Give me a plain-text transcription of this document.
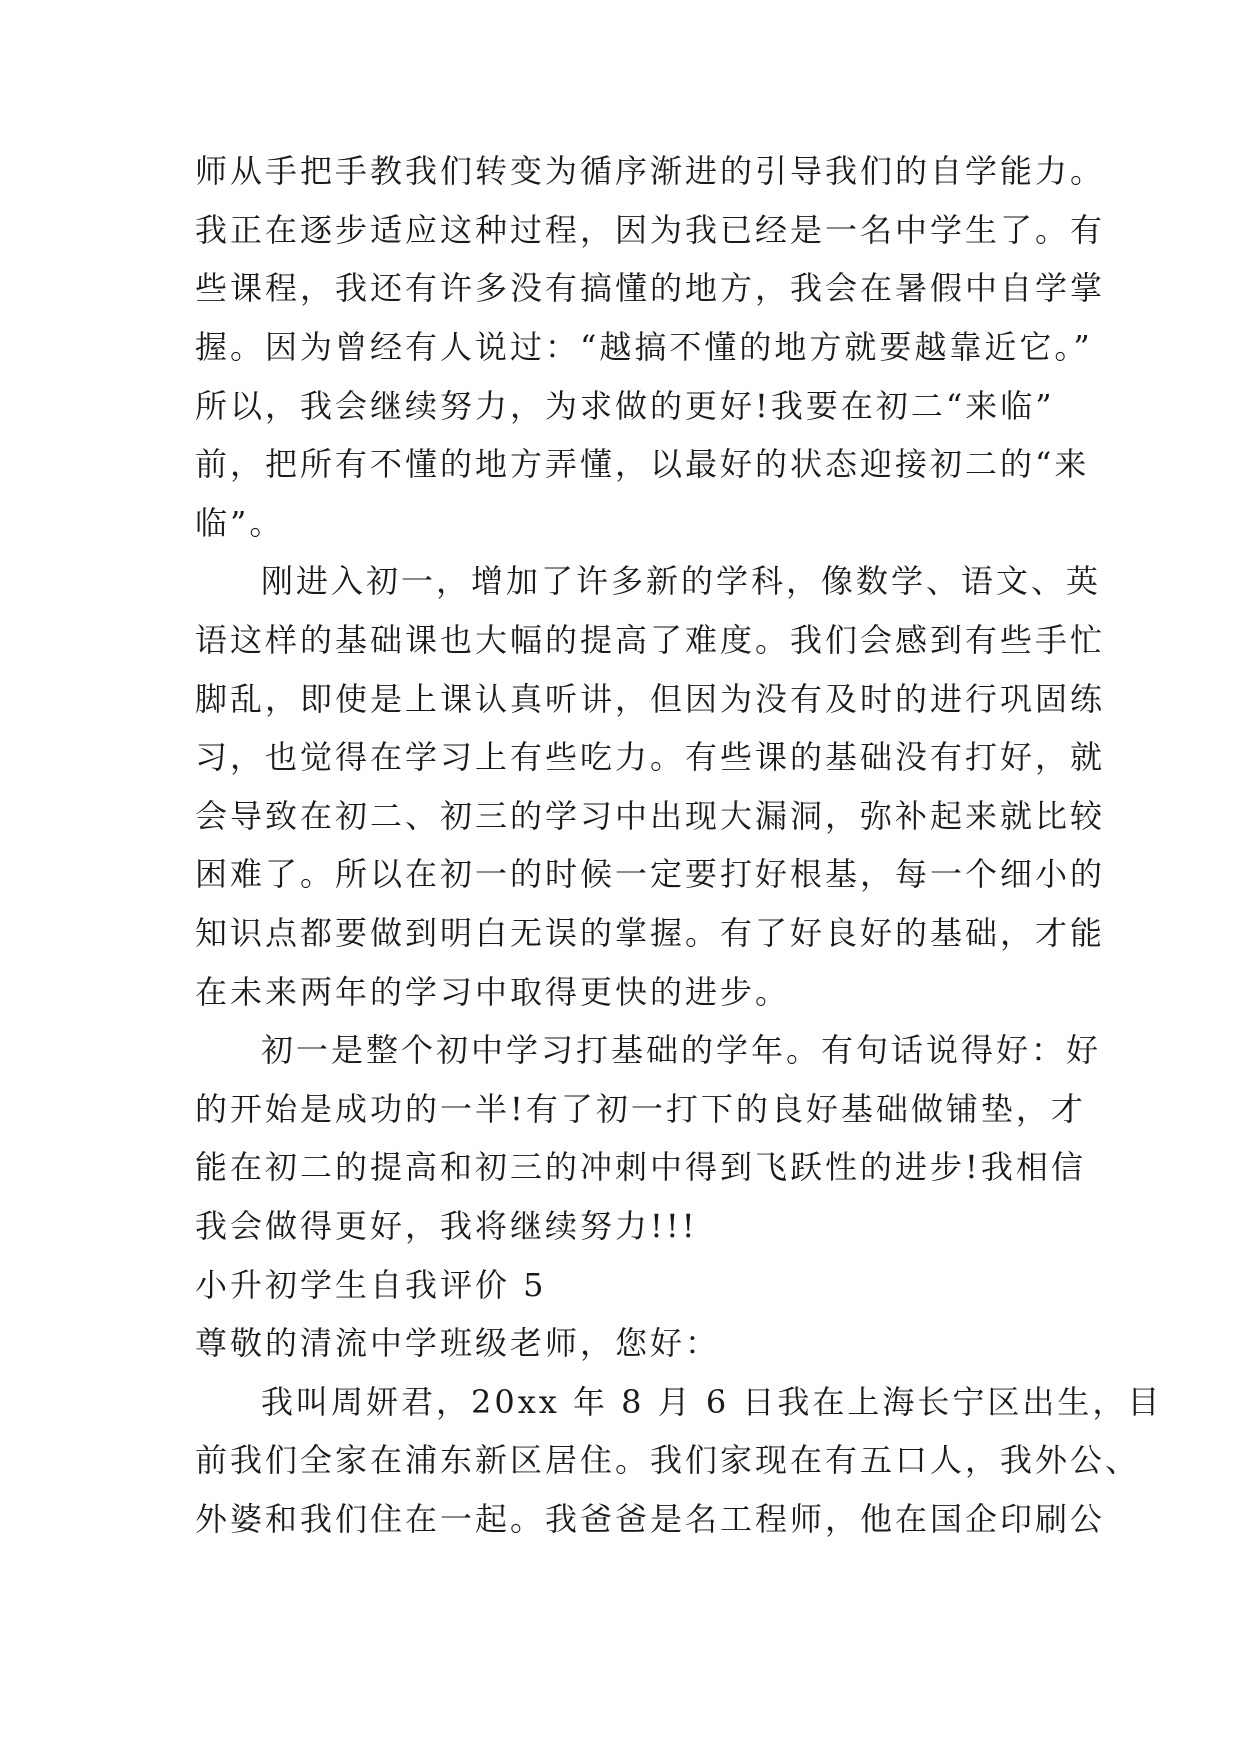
师从手把手教我们转变为循序渐进的引导我们的自学能力。
我正在逐步适应这种过程，因为我已经是一名中学生了。有
些课程，我还有许多没有搞懂的地方，我会在暑假中自学掌
握。因为曾经有人说过：“越搞不懂的地方就要越靠近它。”
所以，我会继续努力，为求做的更好!我要在初二“来临”
前，把所有不懂的地方弄懂，以最好的状态迎接初二的“来
临”。
刚进入初一，增加了许多新的学科，像数学、语文、英
语这样的基础课也大幅的提高了难度。我们会感到有些手忙
脚乱，即使是上课认真听讲，但因为没有及时的进行巩固练
习，也觉得在学习上有些吃力。有些课的基础没有打好，就
会导致在初二、初三的学习中出现大漏洞，弥补起来就比较
困难了。所以在初一的时候一定要打好根基，每一个细小的
知识点都要做到明白无误的掌握。有了好良好的基础，才能
在未来两年的学习中取得更快的进步。
初一是整个初中学习打基础的学年。有句话说得好：好
的开始是成功的一半!有了初一打下的良好基础做铺垫，才
能在初二的提高和初三的冲刺中得到飞跃性的进步!我相信
我会做得更好，我将继续努力!!!
小升初学生自我评价 5
尊敬的清流中学班级老师，您好：
我叫周妍君，20xx 年 8 月 6 日我在上海长宁区出生，目
前我们全家在浦东新区居住。我们家现在有五口人，我外公、
外婆和我们住在一起。我爸爸是名工程师，他在国企印刷公
